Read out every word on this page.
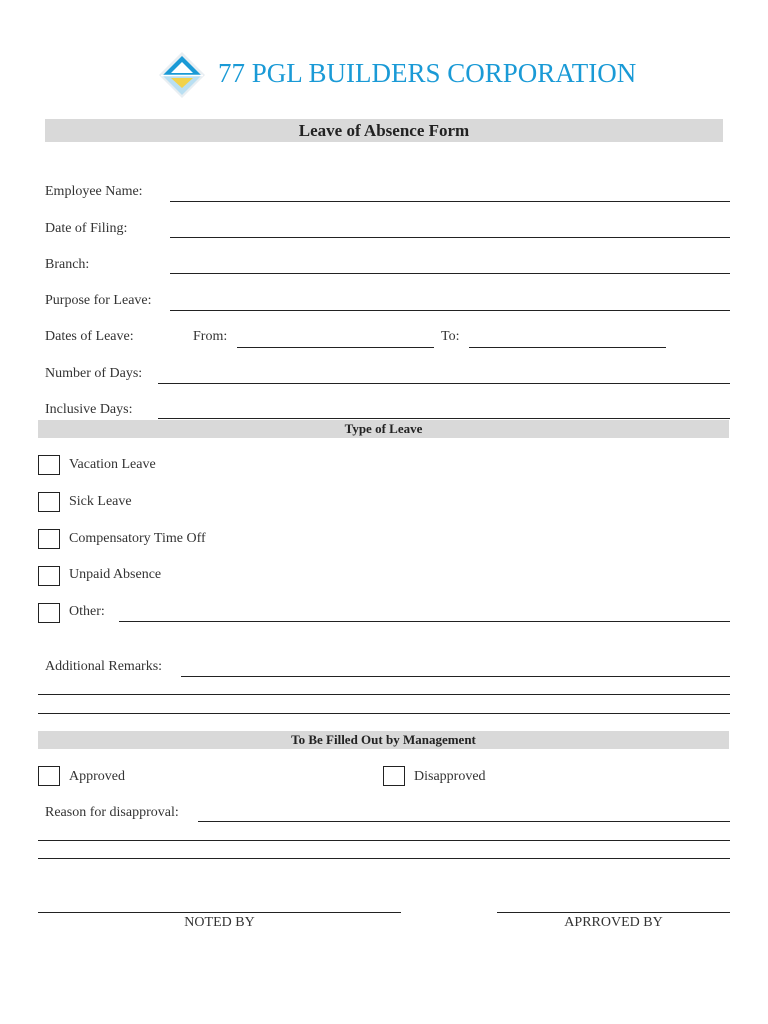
77 PGL BUILDERS CORPORATION
Leave of Absence Form
Employee Name:
Date of Filing:
Branch:
Purpose for Leave:
Dates of Leave:	From:	To:
Number of Days:
Inclusive Days:
Type of Leave
Vacation Leave
Sick Leave
Compensatory Time Off
Unpaid Absence
Other:
Additional Remarks:
To Be Filled Out by Management
Approved	Disapproved
Reason for disapproval:
NOTED BY	APRROVED BY
